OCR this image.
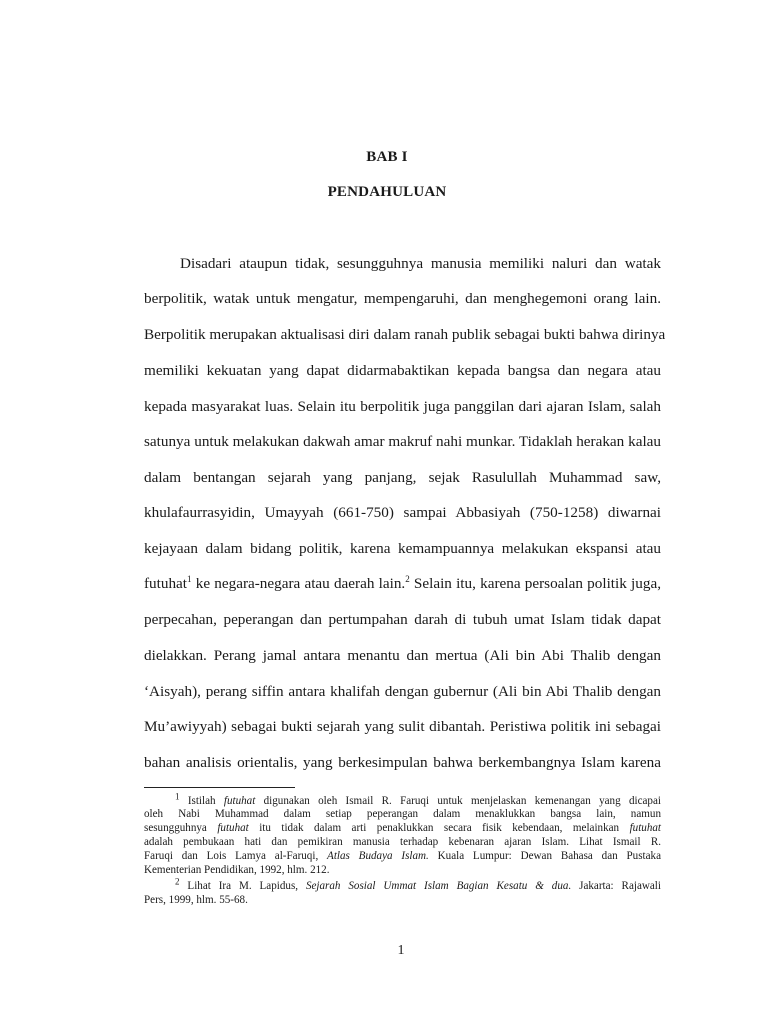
BAB I
PENDAHULUAN
Disadari ataupun tidak, sesungguhnya manusia memiliki naluri dan watak
berpolitik, watak untuk mengatur, mempengaruhi, dan menghegemoni orang lain.
Berpolitik merupakan aktualisasi diri dalam ranah publik sebagai bukti bahwa dirinya
memiliki kekuatan yang dapat didarmabaktikan kepada bangsa dan negara atau
kepada masyarakat luas. Selain itu berpolitik juga panggilan dari ajaran Islam, salah
satunya untuk melakukan dakwah amar makruf nahi munkar. Tidaklah herakan kalau
dalam bentangan sejarah yang panjang, sejak Rasulullah Muhammad saw,
khulafaurrasyidin, Umayyah (661-750) sampai Abbasiyah (750-1258) diwarnai
kejayaan dalam bidang politik, karena kemampuannya melakukan ekspansi atau
futuhat$^1$ ke negara-negara atau daerah lain.$^2$ Selain itu, karena persoalan politik juga,
perpecahan, peperangan dan pertumpahan darah di tubuh umat Islam tidak dapat
dielakkan. Perang jamal antara menantu dan mertua (Ali bin Abi Thalib dengan
‘Aisyah), perang siffin antara khalifah dengan gubernur (Ali bin Abi Thalib dengan
Mu’awiyyah) sebagai bukti sejarah yang sulit dibantah. Peristiwa politik ini sebagai
bahan analisis orientalis, yang berkesimpulan bahwa berkembangnya Islam karena
$^1$ Istilah futuhat digunakan oleh Ismail R. Faruqi untuk menjelaskan kemenangan yang dicapai
oleh Nabi Muhammad dalam setiap peperangan dalam menaklukkan bangsa lain, namun
sesungguhnya futuhat itu tidak dalam arti penaklukkan secara fisik kebendaan, melainkan futuhat
adalah pembukaan hati dan pemikiran manusia terhadap kebenaran ajaran Islam. Lihat Ismail R.
Faruqi dan Lois Lamya al-Faruqi, Atlas Budaya Islam. Kuala Lumpur: Dewan Bahasa dan Pustaka
Kementerian Pendidikan, 1992, hlm. 212.
$^2$ Lihat Ira M. Lapidus, Sejarah Sosial Ummat Islam Bagian Kesatu & dua. Jakarta: Rajawali
Pers, 1999, hlm. 55-68.
1
